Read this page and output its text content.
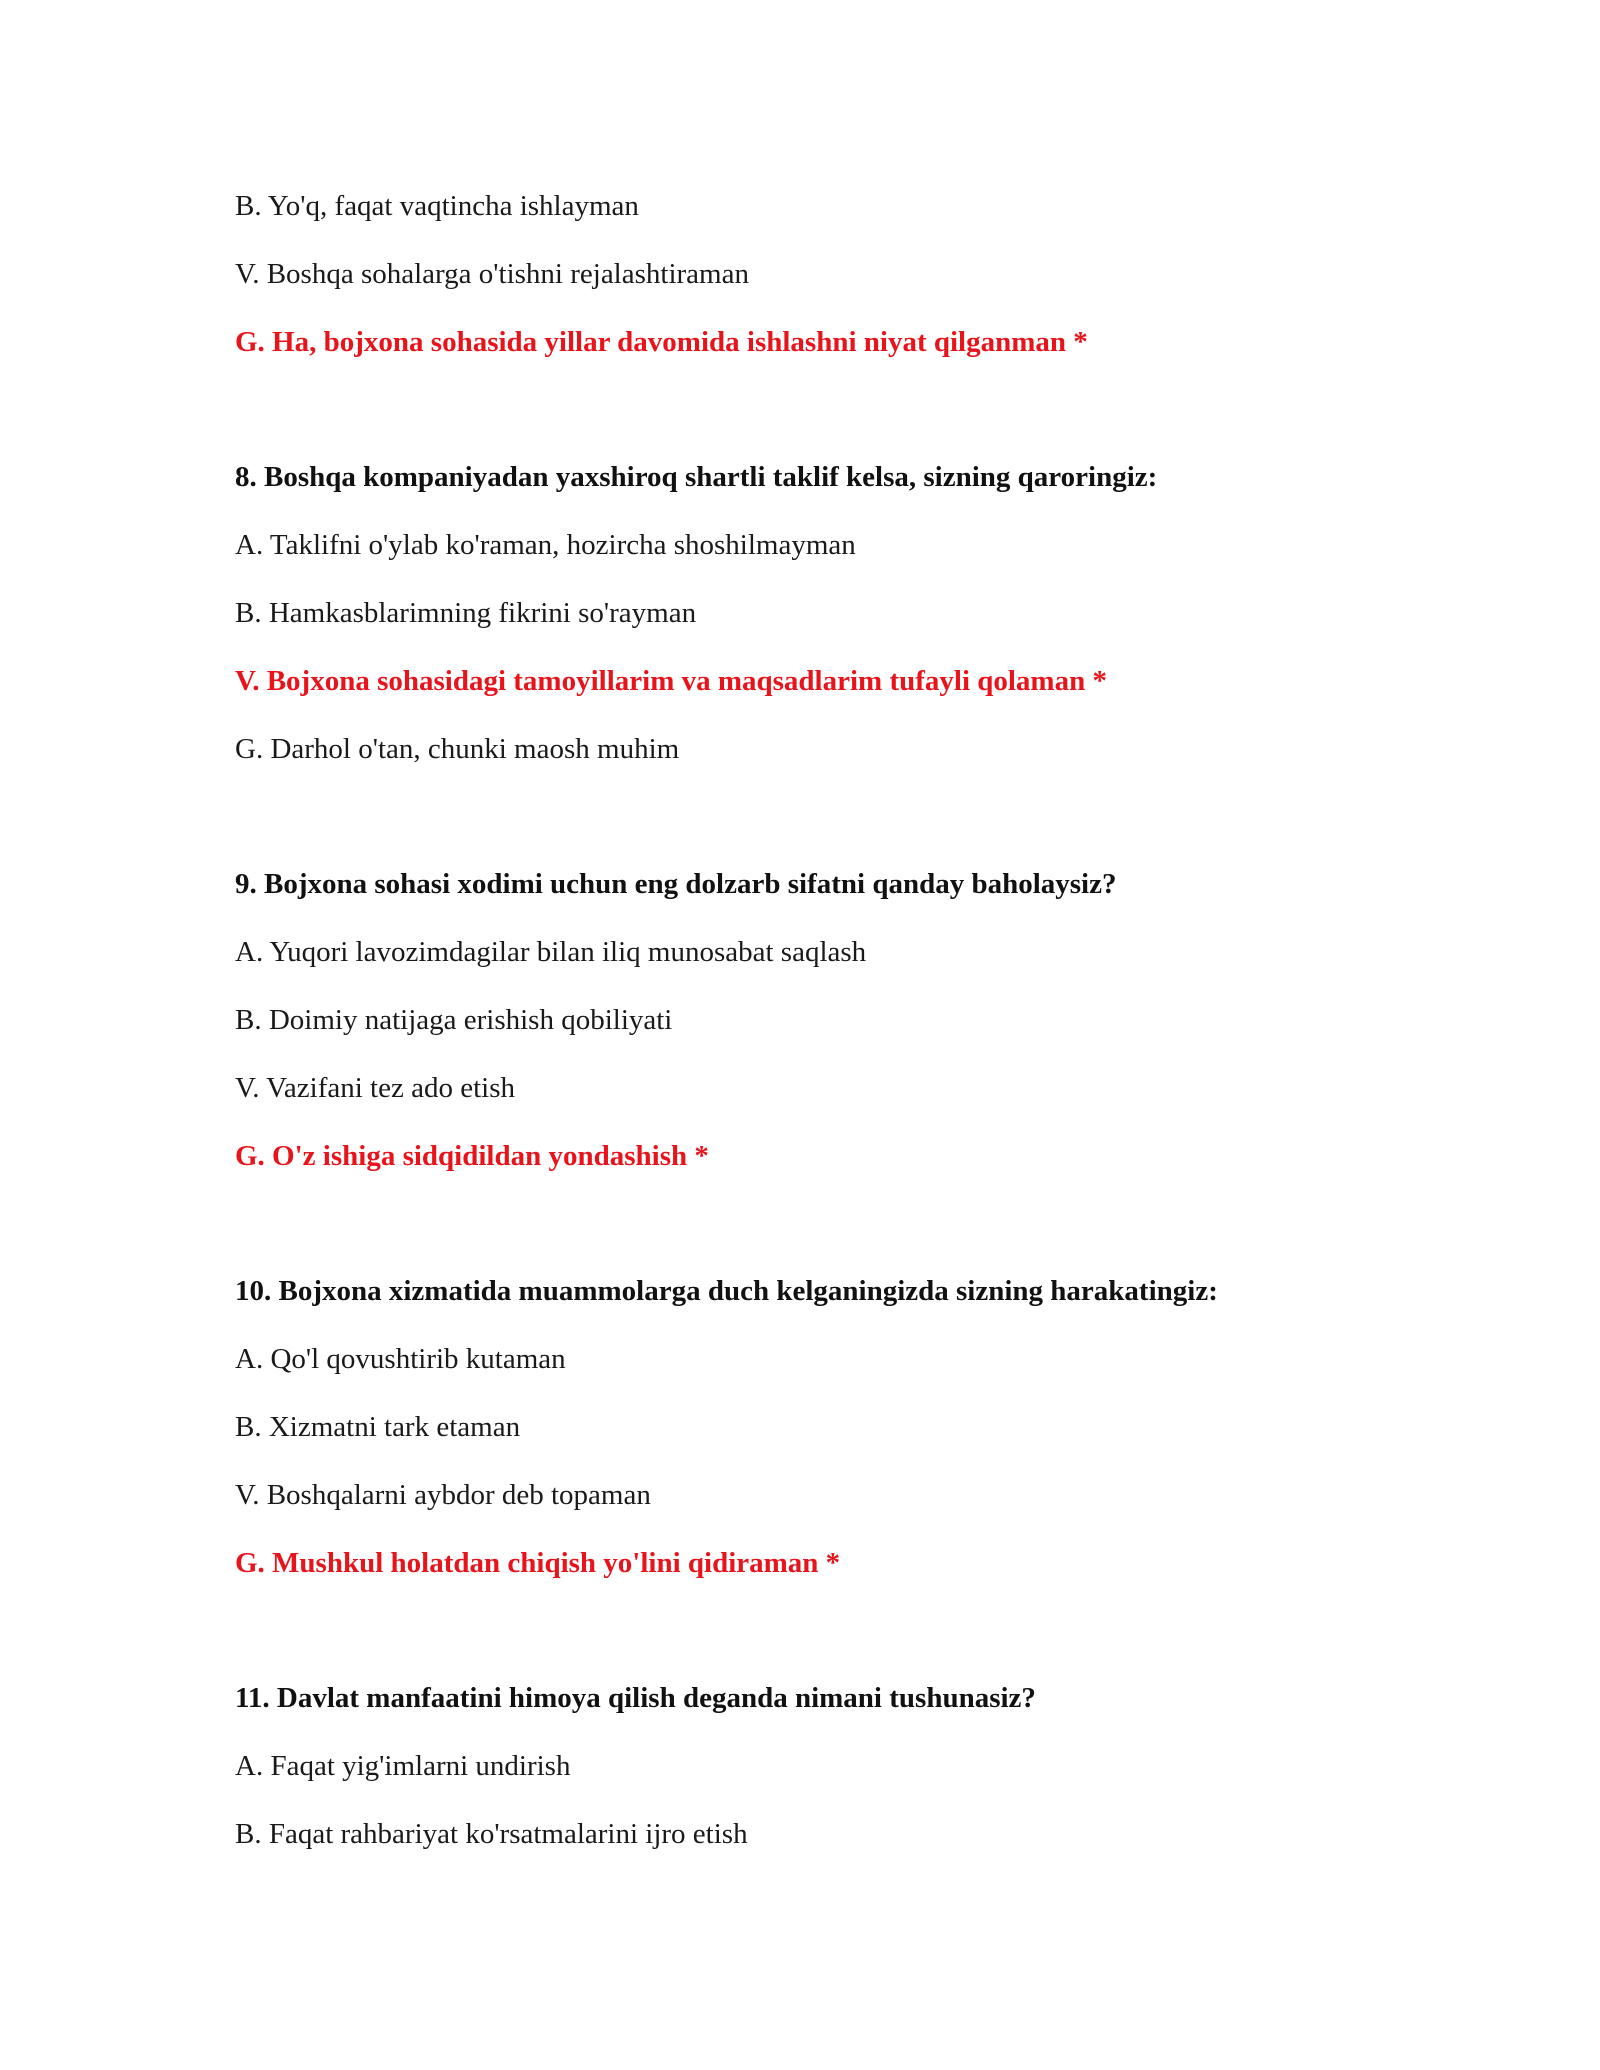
B. Yo'q, faqat vaqtincha ishlayman

V. Boshqa sohalarga o'tishni rejalashtiraman

G. Ha, bojxona sohasida yillar davomida ishlashni niyat qilganman *

8. Boshqa kompaniyadan yaxshiroq shartli taklif kelsa, sizning qaroringiz:

A. Taklifni o'ylab ko'raman, hozircha shoshilmayman

B. Hamkasblarimning fikrini so'rayman

V. Bojxona sohasidagi tamoyillarim va maqsadlarim tufayli qolaman *

G. Darhol o'tan, chunki maosh muhim

9. Bojxona sohasi xodimi uchun eng dolzarb sifatni qanday baholaysiz?

A. Yuqori lavozimdagilar bilan iliq munosabat saqlash

B. Doimiy natijaga erishish qobiliyati

V. Vazifani tez ado etish

G. O'z ishiga sidqidildan yondashish *

10. Bojxona xizmatida muammolarga duch kelganingizda sizning harakatingiz:

A. Qo'l qovushtirib kutaman

B. Xizmatni tark etaman

V. Boshqalarni aybdor deb topaman

G. Mushkul holatdan chiqish yo'lini qidiraman *

11. Davlat manfaatini himoya qilish deganda nimani tushunasiz?

A. Faqat yig'imlarni undirish

B. Faqat rahbariyat ko'rsatmalarini ijro etish
